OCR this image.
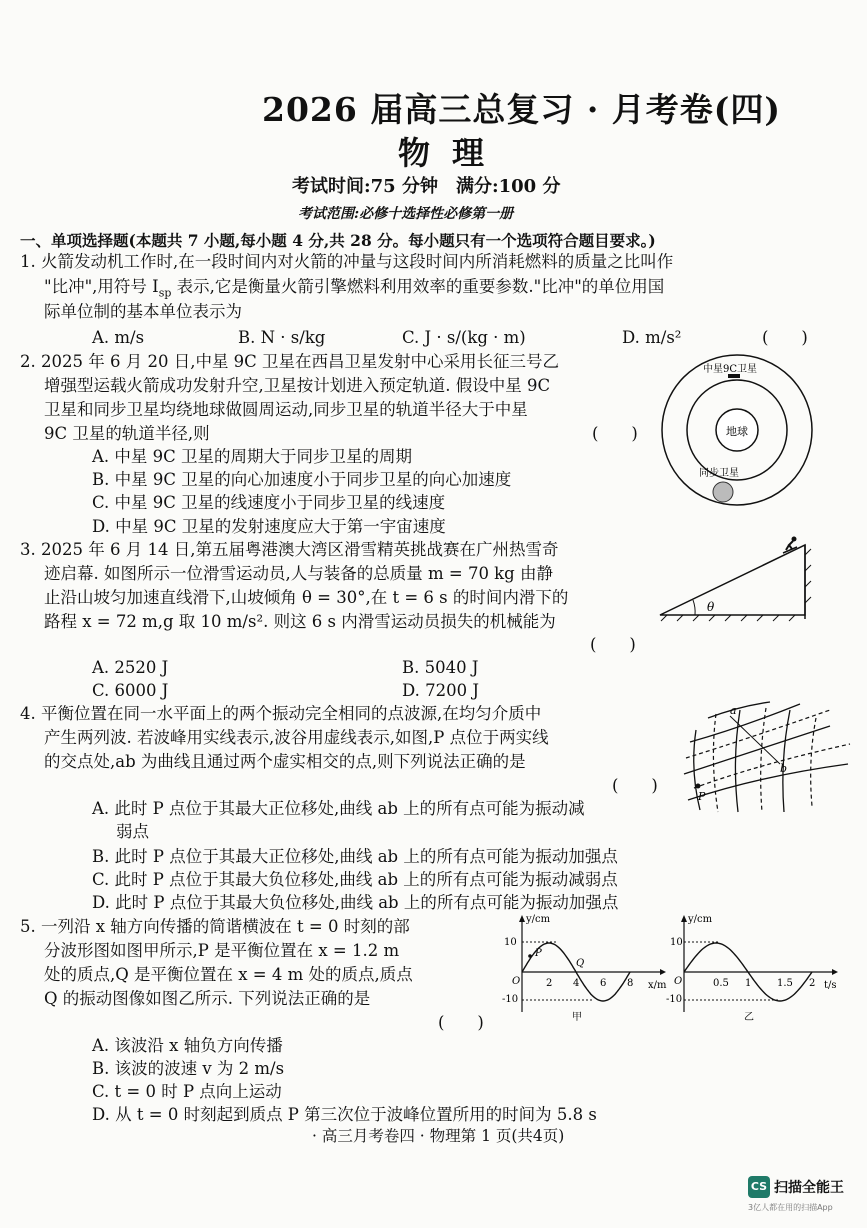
2026 届高三总复习 · 月考卷(四)
物理
考试时间:75 分钟　满分:100 分
考试范围:必修十选择性必修第一册
一、单项选择题(本题共 7 小题,每小题 4 分,共 28 分。每小题只有一个选项符合题目要求。)
1. 火箭发动机工作时,在一段时间内对火箭的冲量与这段时间内所消耗燃料的质量之比叫作
"比冲",用符号 $I_{sp}$ 表示,它是衡量火箭引擎燃料利用效率的重要参数."比冲"的单位用国
际单位制的基本单位表示为
(　　)
A. m/s	B. N · s/kg	C. J · s/(kg · m)	D. m/s²
2. 2025 年 6 月 20 日,中星 9C 卫星在西昌卫星发射中心采用长征三号乙
增强型运载火箭成功发射升空,卫星按计划进入预定轨道. 假设中星 9C
卫星和同步卫星均绕地球做圆周运动,同步卫星的轨道半径大于中星
9C 卫星的轨道半径,则	(　　)
A. 中星 9C 卫星的周期大于同步卫星的周期
B. 中星 9C 卫星的向心加速度小于同步卫星的向心加速度
C. 中星 9C 卫星的线速度小于同步卫星的线速度
D. 中星 9C 卫星的发射速度应大于第一宇宙速度
地球
中星9C卫星
同步卫星
3. 2025 年 6 月 14 日,第五届粤港澳大湾区滑雪精英挑战赛在广州热雪奇
迹启幕. 如图所示一位滑雪运动员,人与装备的总质量 m = 70 kg 由静
止沿山坡匀加速直线滑下,山坡倾角 θ = 30°,在 t = 6 s 的时间内滑下的
路程 x = 72 m,g 取 10 m/s². 则这 6 s 内滑雪运动员损失的机械能为
(　　)
A. 2520 J	B. 5040 J
C. 6000 J	D. 7200 J
θ
4. 平衡位置在同一水平面上的两个振动完全相同的点波源,在均匀介质中
产生两列波. 若波峰用实线表示,波谷用虚线表示,如图,P 点位于两实线
的交点处,ab 为曲线且通过两个虚实相交的点,则下列说法正确的是
(　　)
A. 此时 P 点位于其最大正位移处,曲线 ab 上的所有点可能为振动减
弱点
B. 此时 P 点位于其最大正位移处,曲线 ab 上的所有点可能为振动加强点
C. 此时 P 点位于其最大负位移处,曲线 ab 上的所有点可能为振动减弱点
D. 此时 P 点位于其最大负位移处,曲线 ab 上的所有点可能为振动加强点
a
b
P
5. 一列沿 x 轴方向传播的简谐横波在 t = 0 时刻的部
分波形图如图甲所示,P 是平衡位置在 x = 1.2 m
处的质点,Q 是平衡位置在 x = 4 m 处的质点,质点
Q 的振动图像如图乙所示. 下列说法正确的是
(　　)
A. 该波沿 x 轴负方向传播
B. 该波的波速 v 为 2 m/s
C. t = 0 时 P 点向上运动
D. 从 t = 0 时刻起到质点 P 第三次位于波峰位置所用的时间为 5.8 s
y/cm
x/m
10
-10
O	2 4 6 8
P
Q
甲
y/cm
t/s
10
-10
O	0.5 1	1.5 2
乙
· 高三月考卷四 · 物理第 1 页(共4页)
CS 扫描全能王
3亿人都在用的扫描App
